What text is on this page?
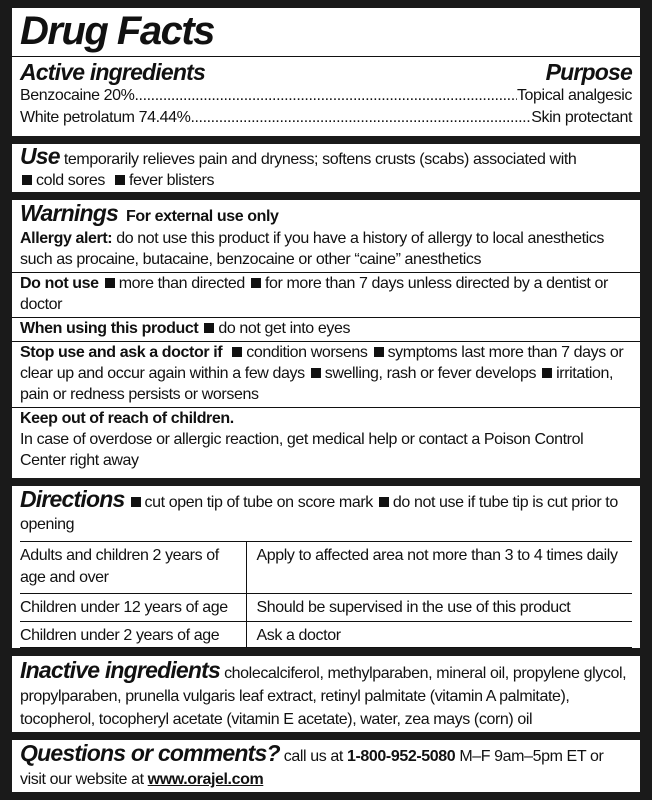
Drug Facts
Active ingredients	Purpose
Benzocaine 20% .....	Topical analgesic
White petrolatum 74.44% .....	Skin protectant
Use temporarily relieves pain and dryness; softens crusts (scabs) associated with
cold sores fever blisters
Warnings For external use only
Allergy alert: do not use this product if you have a history of allergy to local anesthetics such as procaine, butacaine, benzocaine or other “caine” anesthetics
Do not use more than directed for more than 7 days unless directed by a dentist or doctor
When using this product do not get into eyes
Stop use and ask a doctor if condition worsens symptoms last more than 7 days or clear up and occur again within a few days swelling, rash or fever develops irritation, pain or redness persists or worsens
Keep out of reach of children.
In case of overdose or allergic reaction, get medical help or contact a Poison Control Center right away
Directions cut open tip of tube on score mark do not use if tube tip is cut prior to opening
Adults and children 2 years of age and over	Apply to affected area not more than 3 to 4 times daily
Children under 12 years of age	Should be supervised in the use of this product
Children under 2 years of age	Ask a doctor
Inactive ingredients cholecalciferol, methylparaben, mineral oil, propylene glycol, propylparaben, prunella vulgaris leaf extract, retinyl palmitate (vitamin A palmitate), tocopherol, tocopheryl acetate (vitamin E acetate), water, zea mays (corn) oil
Questions or comments? call us at 1-800-952-5080 M–F 9am–5pm ET or visit our website at www.orajel.com
